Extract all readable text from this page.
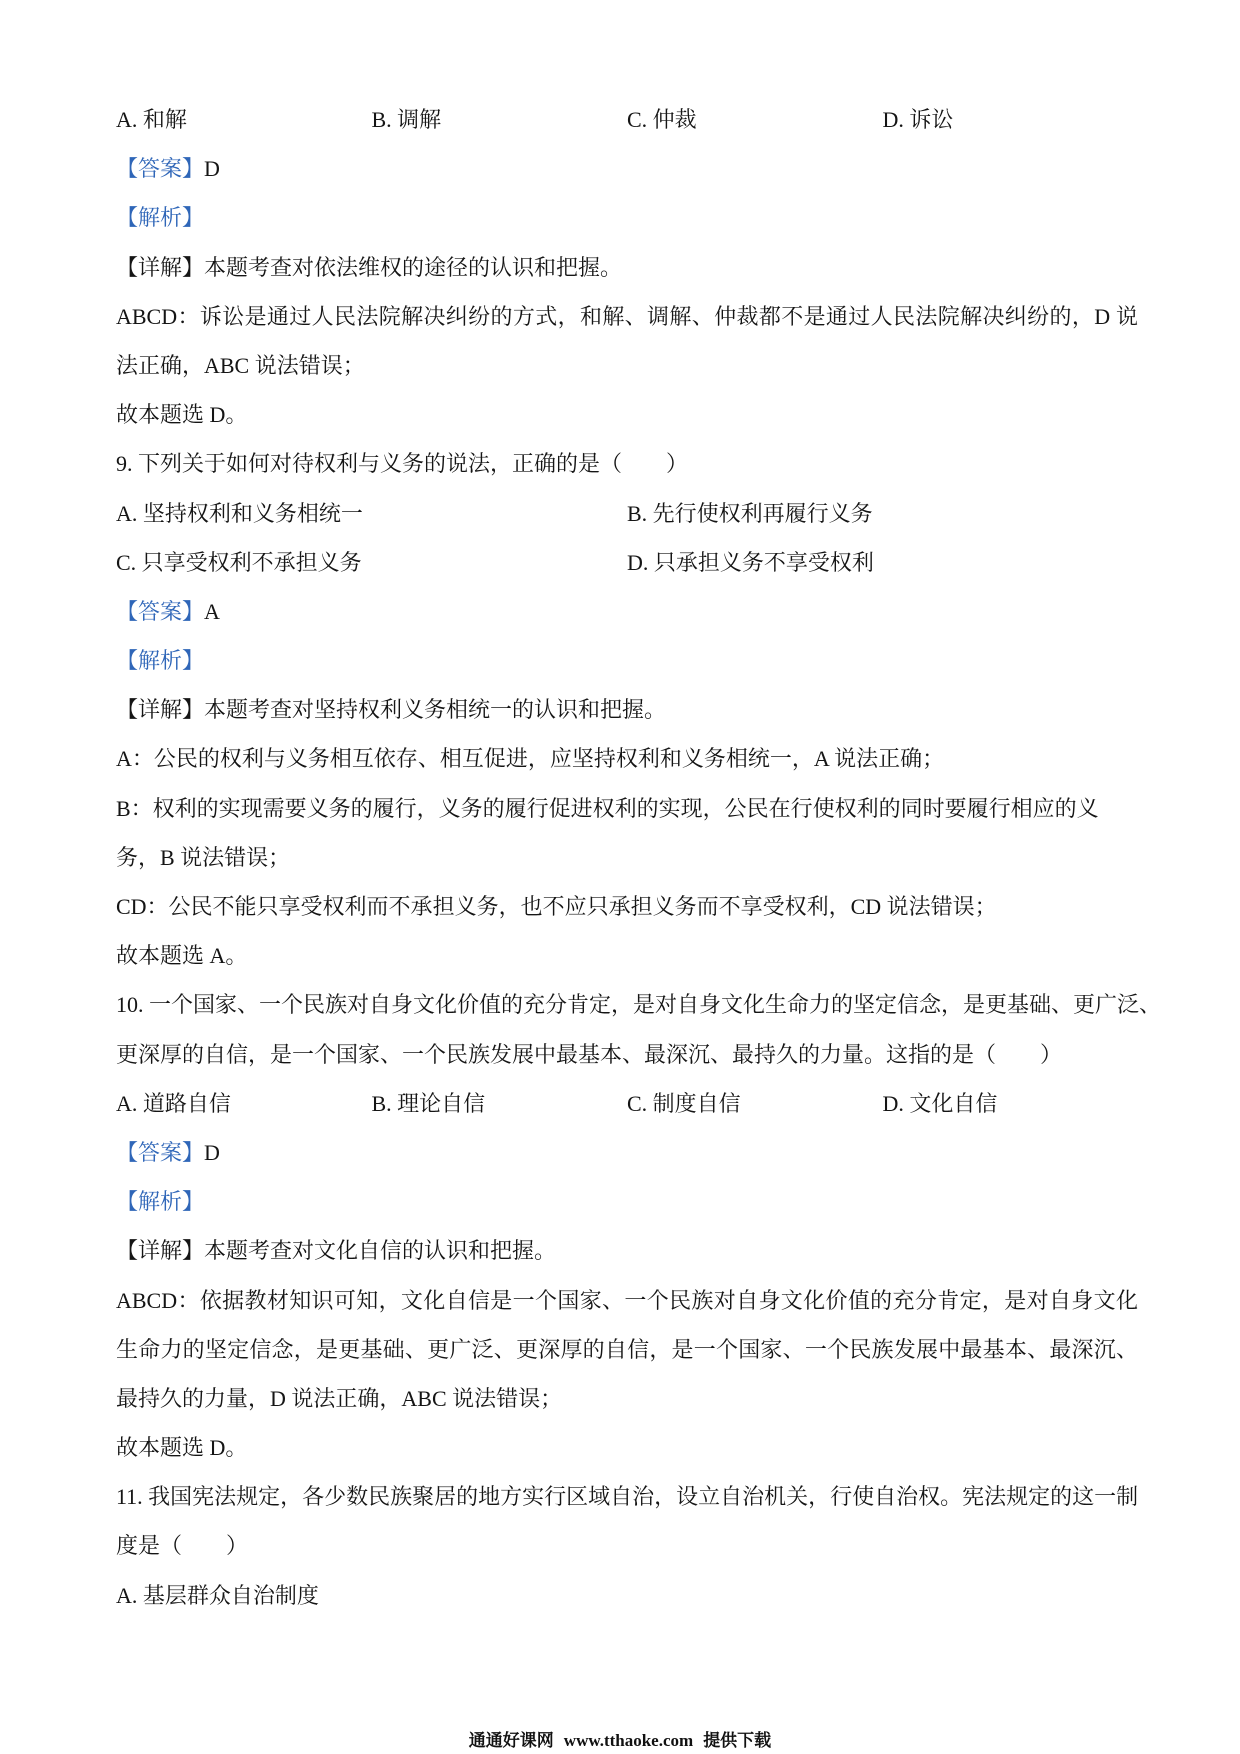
A. 和解	B. 调解	C. 仲裁	D. 诉讼
【答案】D
【解析】
【详解】本题考查对依法维权的途径的认识和把握。
ABCD：诉讼是通过人民法院解决纠纷的方式，和解、调解、仲裁都不是通过人民法院解决纠纷的，D 说
法正确，ABC 说法错误；
故本题选 D。
9. 下列关于如何对待权利与义务的说法，正确的是（　　）
A. 坚持权利和义务相统一	B. 先行使权利再履行义务
C. 只享受权利不承担义务	D. 只承担义务不享受权利
【答案】A
【解析】
【详解】本题考查对坚持权利义务相统一的认识和把握。
A：公民的权利与义务相互依存、相互促进，应坚持权利和义务相统一，A 说法正确；
B：权利的实现需要义务的履行，义务的履行促进权利的实现，公民在行使权利的同时要履行相应的义
务，B 说法错误；
CD：公民不能只享受权利而不承担义务，也不应只承担义务而不享受权利，CD 说法错误；
故本题选 A。
10. 一个国家、一个民族对自身文化价值的充分肯定，是对自身文化生命力的坚定信念，是更基础、更广泛、
更深厚的自信，是一个国家、一个民族发展中最基本、最深沉、最持久的力量。这指的是（　　）
A. 道路自信	B. 理论自信	C. 制度自信	D. 文化自信
【答案】D
【解析】
【详解】本题考查对文化自信的认识和把握。
ABCD：依据教材知识可知，文化自信是一个国家、一个民族对自身文化价值的充分肯定，是对自身文化
生命力的坚定信念，是更基础、更广泛、更深厚的自信，是一个国家、一个民族发展中最基本、最深沉、
最持久的力量，D 说法正确，ABC 说法错误；
故本题选 D。
11. 我国宪法规定，各少数民族聚居的地方实行区域自治，设立自治机关，行使自治权。宪法规定的这一制
度是（　　）
A. 基层群众自治制度
通通好课网 www.tthaoke.com 提供下载
